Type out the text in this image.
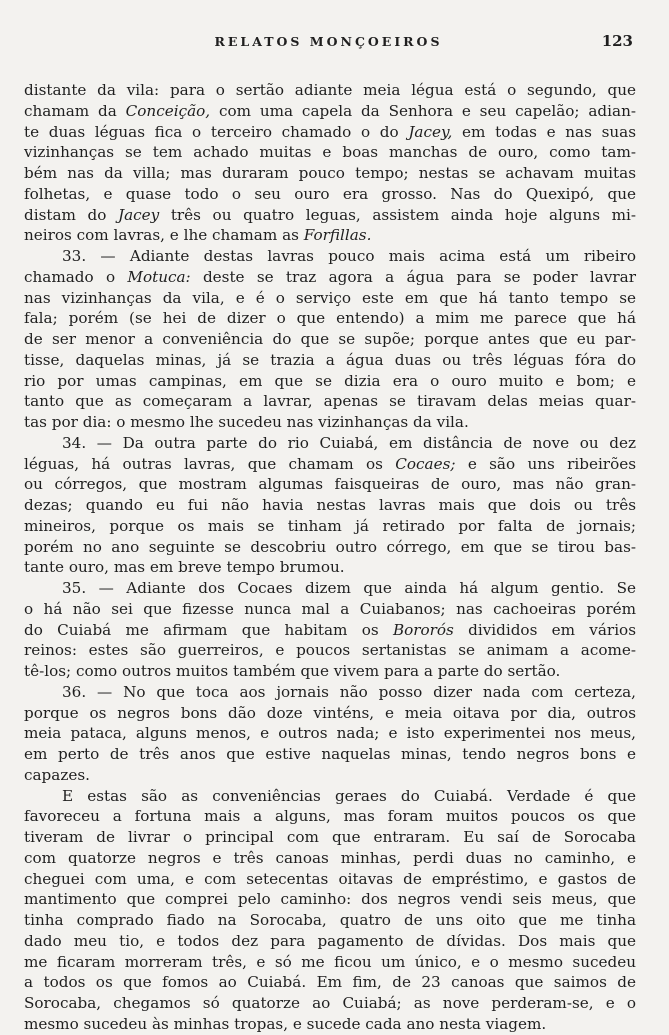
RELATOS MONÇOEIROS	123
distante da vila: para o sertão adiante meia légua está o segundo, que
chamam da Conceição, com uma capela da Senhora e seu capelão; adian-
te duas léguas fica o terceiro chamado o do Jacey, em todas e nas suas
vizinhanças se tem achado muitas e boas manchas de ouro, como tam-
bém nas da villa; mas duraram pouco tempo; nestas se achavam muitas
folhetas, e quase todo o seu ouro era grosso. Nas do Quexipó, que
distam do Jacey três ou quatro leguas, assistem ainda hoje alguns mi-
neiros com lavras, e lhe chamam as Forfillas.
33. — Adiante destas lavras pouco mais acima está um ribeiro
chamado o Motuca: deste se traz agora a água para se poder lavrar
nas vizinhanças da vila, e é o serviço este em que há tanto tempo se
fala; porém (se hei de dizer o que entendo) a mim me parece que há
de ser menor a conveniência do que se supõe; porque antes que eu par-
tisse, daquelas minas, já se trazia a água duas ou três léguas fóra do
rio por umas campinas, em que se dizia era o ouro muito e bom; e
tanto que as começaram a lavrar, apenas se tiravam delas meias quar-
tas por dia: o mesmo lhe sucedeu nas vizinhanças da vila.
34. — Da outra parte do rio Cuiabá, em distância de nove ou dez
léguas, há outras lavras, que chamam os Cocaes; e são uns ribeirões
ou córregos, que mostram algumas faisqueiras de ouro, mas não gran-
dezas; quando eu fui não havia nestas lavras mais que dois ou três
mineiros, porque os mais se tinham já retirado por falta de jornais;
porém no ano seguinte se descobriu outro córrego, em que se tirou bas-
tante ouro, mas em breve tempo brumou.
35. — Adiante dos Cocaes dizem que ainda há algum gentio. Se
o há não sei que fizesse nunca mal a Cuiabanos; nas cachoeiras porém
do Cuiabá me afirmam que habitam os Bororós divididos em vários
reinos: estes são guerreiros, e poucos sertanistas se animam a acome-
tê-los; como outros muitos também que vivem para a parte do sertão.
36. — No que toca aos jornais não posso dizer nada com certeza,
porque os negros bons dão doze vinténs, e meia oitava por dia, outros
meia pataca, alguns menos, e outros nada; e isto experimentei nos meus,
em perto de três anos que estive naquelas minas, tendo negros bons e
capazes.
E estas são as conveniências geraes do Cuiabá. Verdade é que
favoreceu a fortuna mais a alguns, mas foram muitos poucos os que
tiveram de livrar o principal com que entraram. Eu saí de Sorocaba
com quatorze negros e três canoas minhas, perdi duas no caminho, e
cheguei com uma, e com setecentas oitavas de empréstimo, e gastos de
mantimento que comprei pelo caminho: dos negros vendi seis meus, que
tinha comprado fiado na Sorocaba, quatro de uns oito que me tinha
dado meu tio, e todos dez para pagamento de dívidas. Dos mais que
me ficaram morreram três, e só me ficou um único, e o mesmo sucedeu
a todos os que fomos ao Cuiabá. Em fim, de 23 canoas que saimos de
Sorocaba, chegamos só quatorze ao Cuiabá; as nove perderam-se, e o
mesmo sucedeu às minhas tropas, e sucede cada ano nesta viagem.
